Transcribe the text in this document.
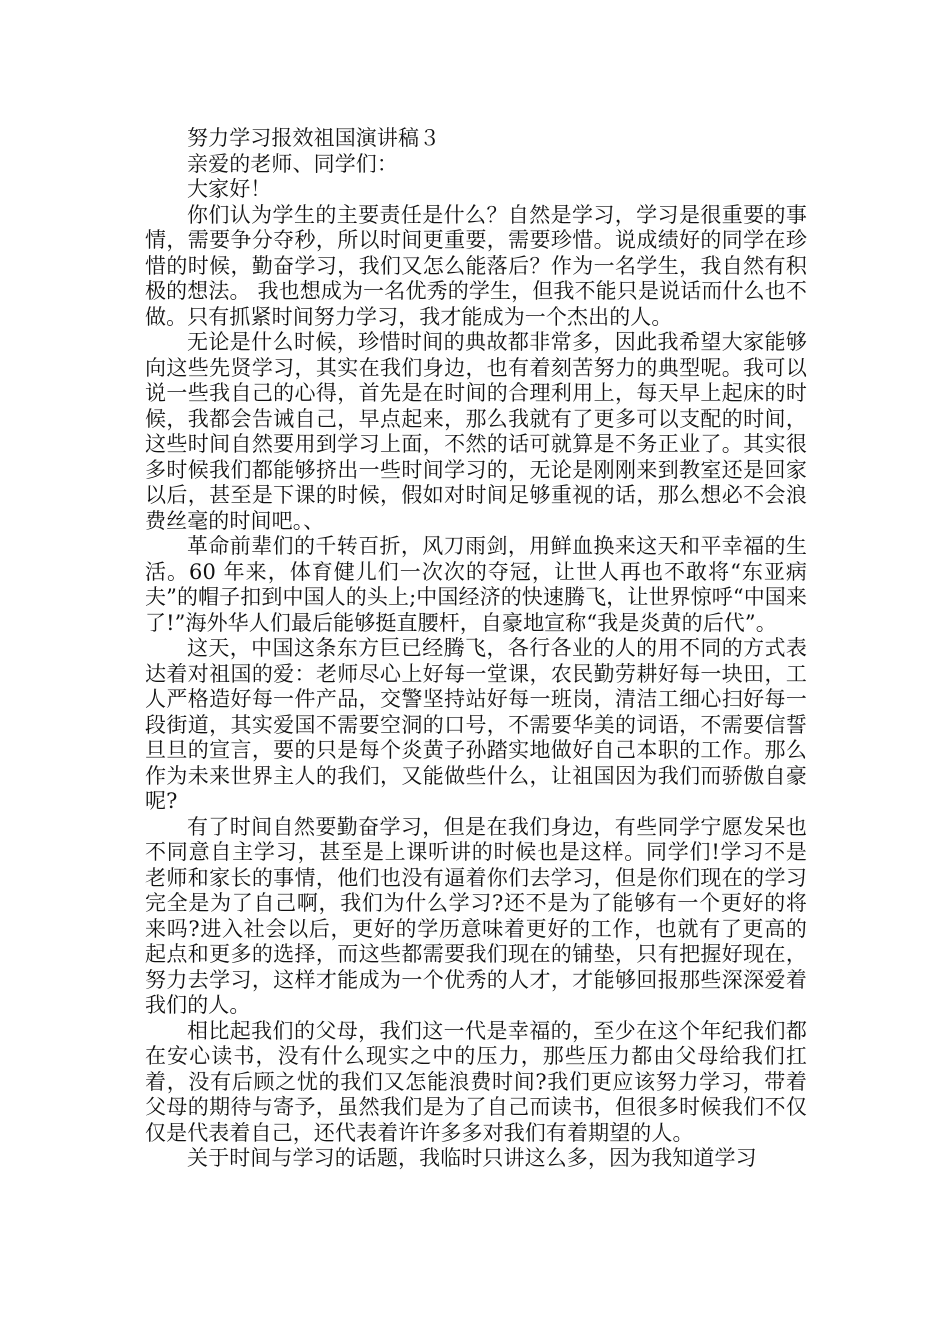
努力学习报效祖国演讲稿３

亲爱的老师、同学们：

大家好！

你们认为学生的主要责任是什么？自然是学习，学习是很重要的事情，需要争分夺秒，所以时间更重要，需要珍惜。说成绩好的同学在珍惜的时候，勤奋学习，我们又怎么能落后？作为一名学生，我自然有积极的想法。 我也想成为一名优秀的学生，但我不能只是说话而什么也不做。只有抓紧时间努力学习，我才能成为一个杰出的人。

无论是什么时候，珍惜时间的典故都非常多，因此我希望大家能够向这些先贤学习，其实在我们身边，也有着刻苦努力的典型呢。我可以说一些我自己的心得，首先是在时间的合理利用上，每天早上起床的时候，我都会告诫自己，早点起来，那么我就有了更多可以支配的时间，这些时间自然要用到学习上面，不然的话可就算是不务正业了。其实很多时候我们都能够挤出一些时间学习的，无论是刚刚来到教室还是回家以后，甚至是下课的时候，假如对时间足够重视的话，那么想必不会浪费丝毫的时间吧。、

革命前辈们的千转百折，风刀雨剑，用鲜血换来这天和平幸福的生活。60 年来，体育健儿们一次次的夺冠，让世人再也不敢将“东亚病夫”的帽子扣到中国人的头上;中国经济的快速腾飞，让世界惊呼“中国来了!”海外华人们最后能够挺直腰杆，自豪地宣称“我是炎黄的后代”。

这天，中国这条东方巨已经腾飞，各行各业的人的用不同的方式表达着对祖国的爱：老师尽心上好每一堂课，农民勤劳耕好每一块田，工人严格造好每一件产品，交警坚持站好每一班岗，清洁工细心扫好每一段街道，其实爱国不需要空洞的口号，不需要华美的词语，不需要信誓旦旦的宣言，要的只是每个炎黄子孙踏实地做好自己本职的工作。那么作为未来世界主人的我们，又能做些什么，让祖国因为我们而骄傲自豪呢?

有了时间自然要勤奋学习，但是在我们身边，有些同学宁愿发呆也不同意自主学习，甚至是上课听讲的时候也是这样。同学们!学习不是老师和家长的事情，他们也没有逼着你们去学习，但是你们现在的学习完全是为了自己啊，我们为什么学习?还不是为了能够有一个更好的将来吗?进入社会以后，更好的学历意味着更好的工作，也就有了更高的起点和更多的选择，而这些都需要我们现在的铺垫，只有把握好现在，努力去学习，这样才能成为一个优秀的人才，才能够回报那些深深爱着我们的人。

相比起我们的父母，我们这一代是幸福的，至少在这个年纪我们都在安心读书，没有什么现实之中的压力，那些压力都由父母给我们扛着，没有后顾之忧的我们又怎能浪费时间?我们更应该努力学习，带着父母的期待与寄予，虽然我们是为了自己而读书，但很多时候我们不仅仅是代表着自己，还代表着许许多多对我们有着期望的人。

关于时间与学习的话题，我临时只讲这么多，因为我知道学习
